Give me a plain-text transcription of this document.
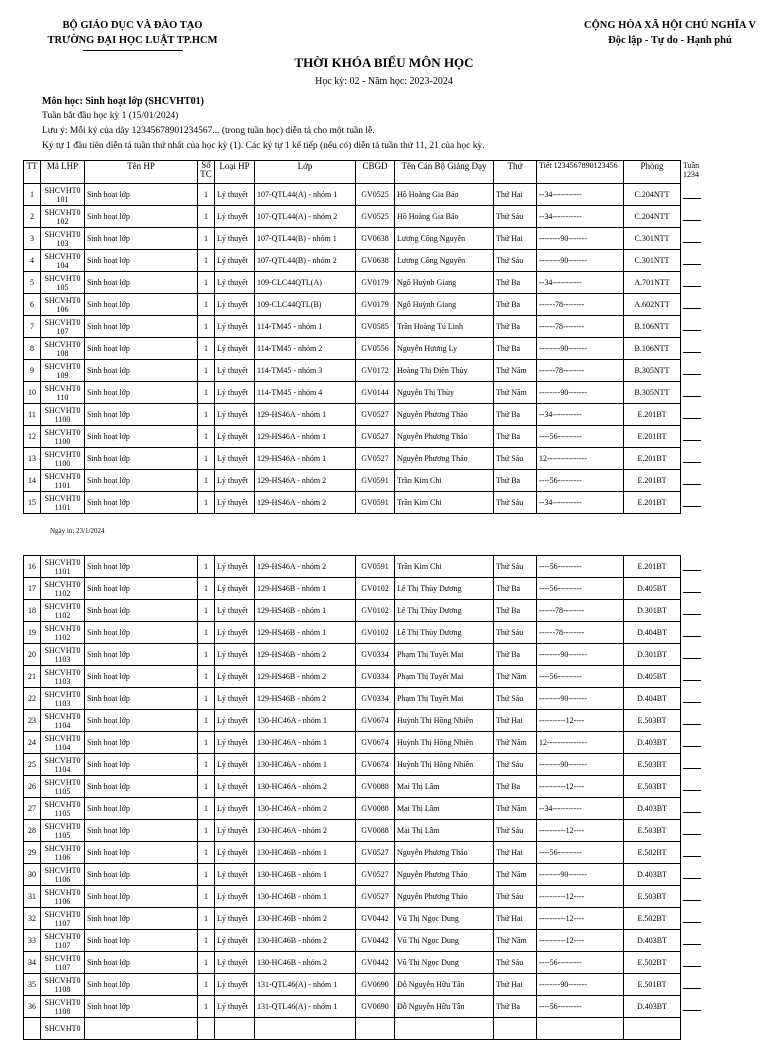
BỘ GIÁO DỤC VÀ ĐÀO TẠO
TRƯỜNG ĐẠI HỌC LUẬT TP.HCM
CỘNG HÒA XÃ HỘI CHỦ NGHĨA V
Độc lập - Tự do - Hạnh phú
THỜI KHÓA BIỂU MÔN HỌC
Học kỳ: 02 - Năm học: 2023-2024
Môn học: Sinh hoạt lớp (SHCVHT01)
Tuần bắt đầu học kỳ 1 (15/01/2024)
Lưu ý: Mỗi ký của dãy 12345678901234567... (trong tuần học) diễn tả cho một tuần lễ.
Ký tự 1 đầu tiên diễn tả tuần thứ nhất của học kỳ (1). Các ký tự 1 kế tiếp (nếu có) diễn tả tuần thứ 11, 21 của học kỳ.
TT	Mã LHP	Tên HP	Số TC	Loại HP	Lớp	CBGD	Tên Cán Bộ Giảng Dạy	Thứ	Tiết 1234567890123456	Phòng	Tuần 1234
1	SHCVHT0 101	Sinh hoạt lớp	1	Lý thuyết	107-QTL44(A) - nhóm 1	GV0525	Hồ Hoàng Gia Bảo	Thứ Hai	--34-----------	C.204NTT	

2	SHCVHT0 102	Sinh hoạt lớp	1	Lý thuyết	107-QTL44(A) - nhóm 2	GV0525	Hồ Hoàng Gia Bảo	Thứ Sáu	--34-----------	C.204NTT	

3	SHCVHT0 103	Sinh hoạt lớp	1	Lý thuyết	107-QTL44(B) - nhóm 1	GV0638	Lương Công Nguyên	Thứ Hai	--------90-------	C.301NTT	

4	SHCVHT0 104	Sinh hoạt lớp	1	Lý thuyết	107-QTL44(B) - nhóm 2	GV0638	Lương Công Nguyên	Thứ Sáu	--------90-------	C.301NTT	

5	SHCVHT0 105	Sinh hoạt lớp	1	Lý thuyết	109-CLC44QTL(A)	GV0179	Ngô Huỳnh Giang	Thứ Ba	--34-----------	A.701NTT	

6	SHCVHT0 106	Sinh hoạt lớp	1	Lý thuyết	109-CLC44QTL(B)	GV0179	Ngô Huỳnh Giang	Thứ Ba	------78--------	A.602NTT	

7	SHCVHT0 107	Sinh hoạt lớp	1	Lý thuyết	114-TM45 - nhóm 1	GV0585	Trần Hoàng Tú Linh	Thứ Ba	------78--------	B.106NTT	

8	SHCVHT0 108	Sinh hoạt lớp	1	Lý thuyết	114-TM45 - nhóm 2	GV0556	Nguyễn Hương Ly	Thứ Ba	--------90-------	B.106NTT	

9	SHCVHT0 109	Sinh hoạt lớp	1	Lý thuyết	114-TM45 - nhóm 3	GV0172	Hoàng Thị Diên Thùy	Thứ Năm	------78--------	B.305NTT	

10	SHCVHT0 110	Sinh hoạt lớp	1	Lý thuyết	114-TM45 - nhóm 4	GV0144	Nguyễn Thị Thùy	Thứ Năm	--------90-------	B.305NTT	

11	SHCVHT0 1100	Sinh hoạt lớp	1	Lý thuyết	129-HS46A - nhóm 1	GV0527	Nguyễn Phương Thảo	Thứ Ba	--34-----------	E.201BT	

12	SHCVHT0 1100	Sinh hoạt lớp	1	Lý thuyết	129-HS46A - nhóm 1	GV0527	Nguyễn Phương Thảo	Thứ Ba	----56---------	E.201BT	

13	SHCVHT0 1100	Sinh hoạt lớp	1	Lý thuyết	129-HS46A - nhóm 1	GV0527	Nguyễn Phương Thảo	Thứ Sáu	12---------------	E.201BT	

14	SHCVHT0 1101	Sinh hoạt lớp	1	Lý thuyết	129-HS46A - nhóm 2	GV0591	Trần Kim Chi	Thứ Ba	----56---------	E.201BT	

15	SHCVHT0 1101	Sinh hoạt lớp	1	Lý thuyết	129-HS46A - nhóm 2	GV0591	Trần Kim Chi	Thứ Sáu	--34-----------	E.201BT	
Ngày in: 23/1/2024
16	SHCVHT0 1101	Sinh hoạt lớp	1	Lý thuyết	129-HS46A - nhóm 2	GV0591	Trần Kim Chi	Thứ Sáu	----56---------	E.201BT	

17	SHCVHT0 1102	Sinh hoạt lớp	1	Lý thuyết	129-HS46B - nhóm 1	GV0102	Lê Thị Thùy Dương	Thứ Ba	----56---------	D.405BT	

18	SHCVHT0 1102	Sinh hoạt lớp	1	Lý thuyết	129-HS46B - nhóm 1	GV0102	Lê Thị Thùy Dương	Thứ Ba	------78--------	D.301BT	

19	SHCVHT0 1102	Sinh hoạt lớp	1	Lý thuyết	129-HS46B - nhóm 1	GV0102	Lê Thị Thùy Dương	Thứ Sáu	------78--------	D.404BT	

20	SHCVHT0 1103	Sinh hoạt lớp	1	Lý thuyết	129-HS46B - nhóm 2	GV0334	Phạm Thị Tuyết Mai	Thứ Ba	--------90-------	D.301BT	

21	SHCVHT0 1103	Sinh hoạt lớp	1	Lý thuyết	129-HS46B - nhóm 2	GV0334	Phạm Thị Tuyết Mai	Thứ Năm	----56---------	D.405BT	

22	SHCVHT0 1103	Sinh hoạt lớp	1	Lý thuyết	129-HS46B - nhóm 2	GV0334	Phạm Thị Tuyết Mai	Thứ Sáu	--------90-------	D.404BT	

23	SHCVHT0 1104	Sinh hoạt lớp	1	Lý thuyết	130-HC46A - nhóm 1	GV0674	Huỳnh Thị Hồng Nhiên	Thứ Hai	----------12----	E.503BT	

24	SHCVHT0 1104	Sinh hoạt lớp	1	Lý thuyết	130-HC46A - nhóm 1	GV0674	Huỳnh Thị Hồng Nhiên	Thứ Năm	12---------------	D.403BT	

25	SHCVHT0 1104	Sinh hoạt lớp	1	Lý thuyết	130-HC46A - nhóm 1	GV0674	Huỳnh Thị Hồng Nhiên	Thứ Sáu	--------90-------	E.503BT	

26	SHCVHT0 1105	Sinh hoạt lớp	1	Lý thuyết	130-HC46A - nhóm 2	GV0088	Mai Thị Lâm	Thứ Ba	----------12----	E.503BT	

27	SHCVHT0 1105	Sinh hoạt lớp	1	Lý thuyết	130-HC46A - nhóm 2	GV0088	Mai Thị Lâm	Thứ Năm	--34-----------	D.403BT	

28	SHCVHT0 1105	Sinh hoạt lớp	1	Lý thuyết	130-HC46A - nhóm 2	GV0088	Mai Thị Lâm	Thứ Sáu	----------12----	E.503BT	

29	SHCVHT0 1106	Sinh hoạt lớp	1	Lý thuyết	130-HC46B - nhóm 1	GV0527	Nguyễn Phương Thảo	Thứ Hai	----56---------	E.502BT	

30	SHCVHT0 1106	Sinh hoạt lớp	1	Lý thuyết	130-HC46B - nhóm 1	GV0527	Nguyễn Phương Thảo	Thứ Năm	--------90-------	D.403BT	

31	SHCVHT0 1106	Sinh hoạt lớp	1	Lý thuyết	130-HC46B - nhóm 1	GV0527	Nguyễn Phương Thảo	Thứ Sáu	----------12----	E.503BT	

32	SHCVHT0 1107	Sinh hoạt lớp	1	Lý thuyết	130-HC46B - nhóm 2	GV0442	Vũ Thị Ngọc Dung	Thứ Hai	----------12----	E.502BT	

33	SHCVHT0 1107	Sinh hoạt lớp	1	Lý thuyết	130-HC46B - nhóm 2	GV0442	Vũ Thị Ngọc Dung	Thứ Năm	----------12----	D.403BT	

34	SHCVHT0 1107	Sinh hoạt lớp	1	Lý thuyết	130-HC46B - nhóm 2	GV0442	Vũ Thị Ngọc Dung	Thứ Sáu	----56---------	E.502BT	

35	SHCVHT0 1108	Sinh hoạt lớp	1	Lý thuyết	131-QTL46(A) - nhóm 1	GV0690	Đỗ Nguyễn Hữu Tân	Thứ Hai	--------90-------	E.501BT	

36	SHCVHT0 1108	Sinh hoạt lớp	1	Lý thuyết	131-QTL46(A) - nhóm 1	GV0690	Đỗ Nguyễn Hữu Tân	Thứ Ba	----56---------	D.403BT	

	SHCVHT0										
